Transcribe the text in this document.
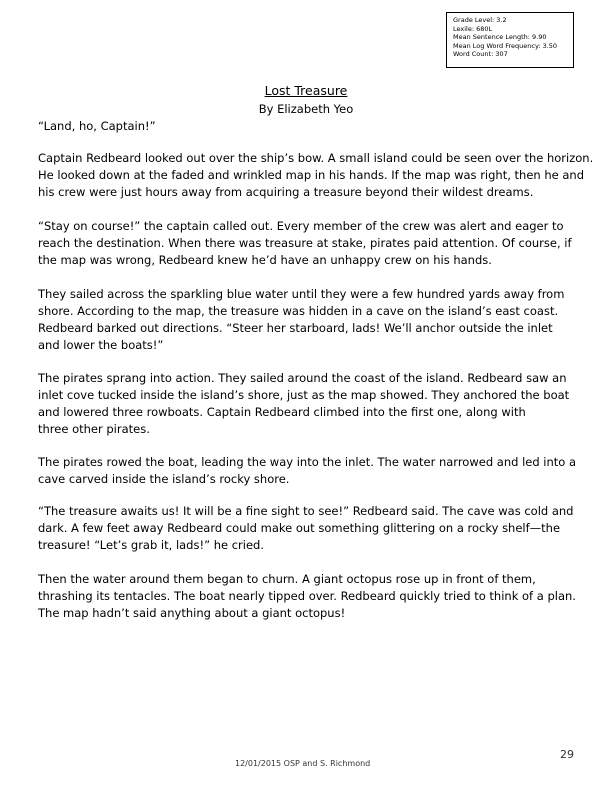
Grade Level: 3.2
Lexile: 680L
Mean Sentence Length: 9.90
Mean Log Word Frequency: 3.50
Word Count: 307
Lost Treasure
By Elizabeth Yeo
“Land, ho, Captain!”

Captain Redbeard looked out over the ship’s bow. A small island could be seen over the horizon.
He looked down at the faded and wrinkled map in his hands. If the map was right, then he and
his crew were just hours away from acquiring a treasure beyond their wildest dreams.

“Stay on course!” the captain called out. Every member of the crew was alert and eager to
reach the destination. When there was treasure at stake, pirates paid attention. Of course, if
the map was wrong, Redbeard knew he’d have an unhappy crew on his hands.

They sailed across the sparkling blue water until they were a few hundred yards away from
shore. According to the map, the treasure was hidden in a cave on the island’s east coast.
Redbeard barked out directions. “Steer her starboard, lads! We’ll anchor outside the inlet
and lower the boats!”

The pirates sprang into action. They sailed around the coast of the island. Redbeard saw an
inlet cove tucked inside the island’s shore, just as the map showed. They anchored the boat
and lowered three rowboats. Captain Redbeard climbed into the first one, along with
three other pirates.

The pirates rowed the boat, leading the way into the inlet. The water narrowed and led into a
cave carved inside the island’s rocky shore.

“The treasure awaits us! It will be a fine sight to see!” Redbeard said. The cave was cold and
dark. A few feet away Redbeard could make out something glittering on a rocky shelf—the
treasure! “Let’s grab it, lads!” he cried.

Then the water around them began to churn. A giant octopus rose up in front of them,
thrashing its tentacles. The boat nearly tipped over. Redbeard quickly tried to think of a plan.
The map hadn’t said anything about a giant octopus!

12/01/2015 OSP and S. Richmond
29
